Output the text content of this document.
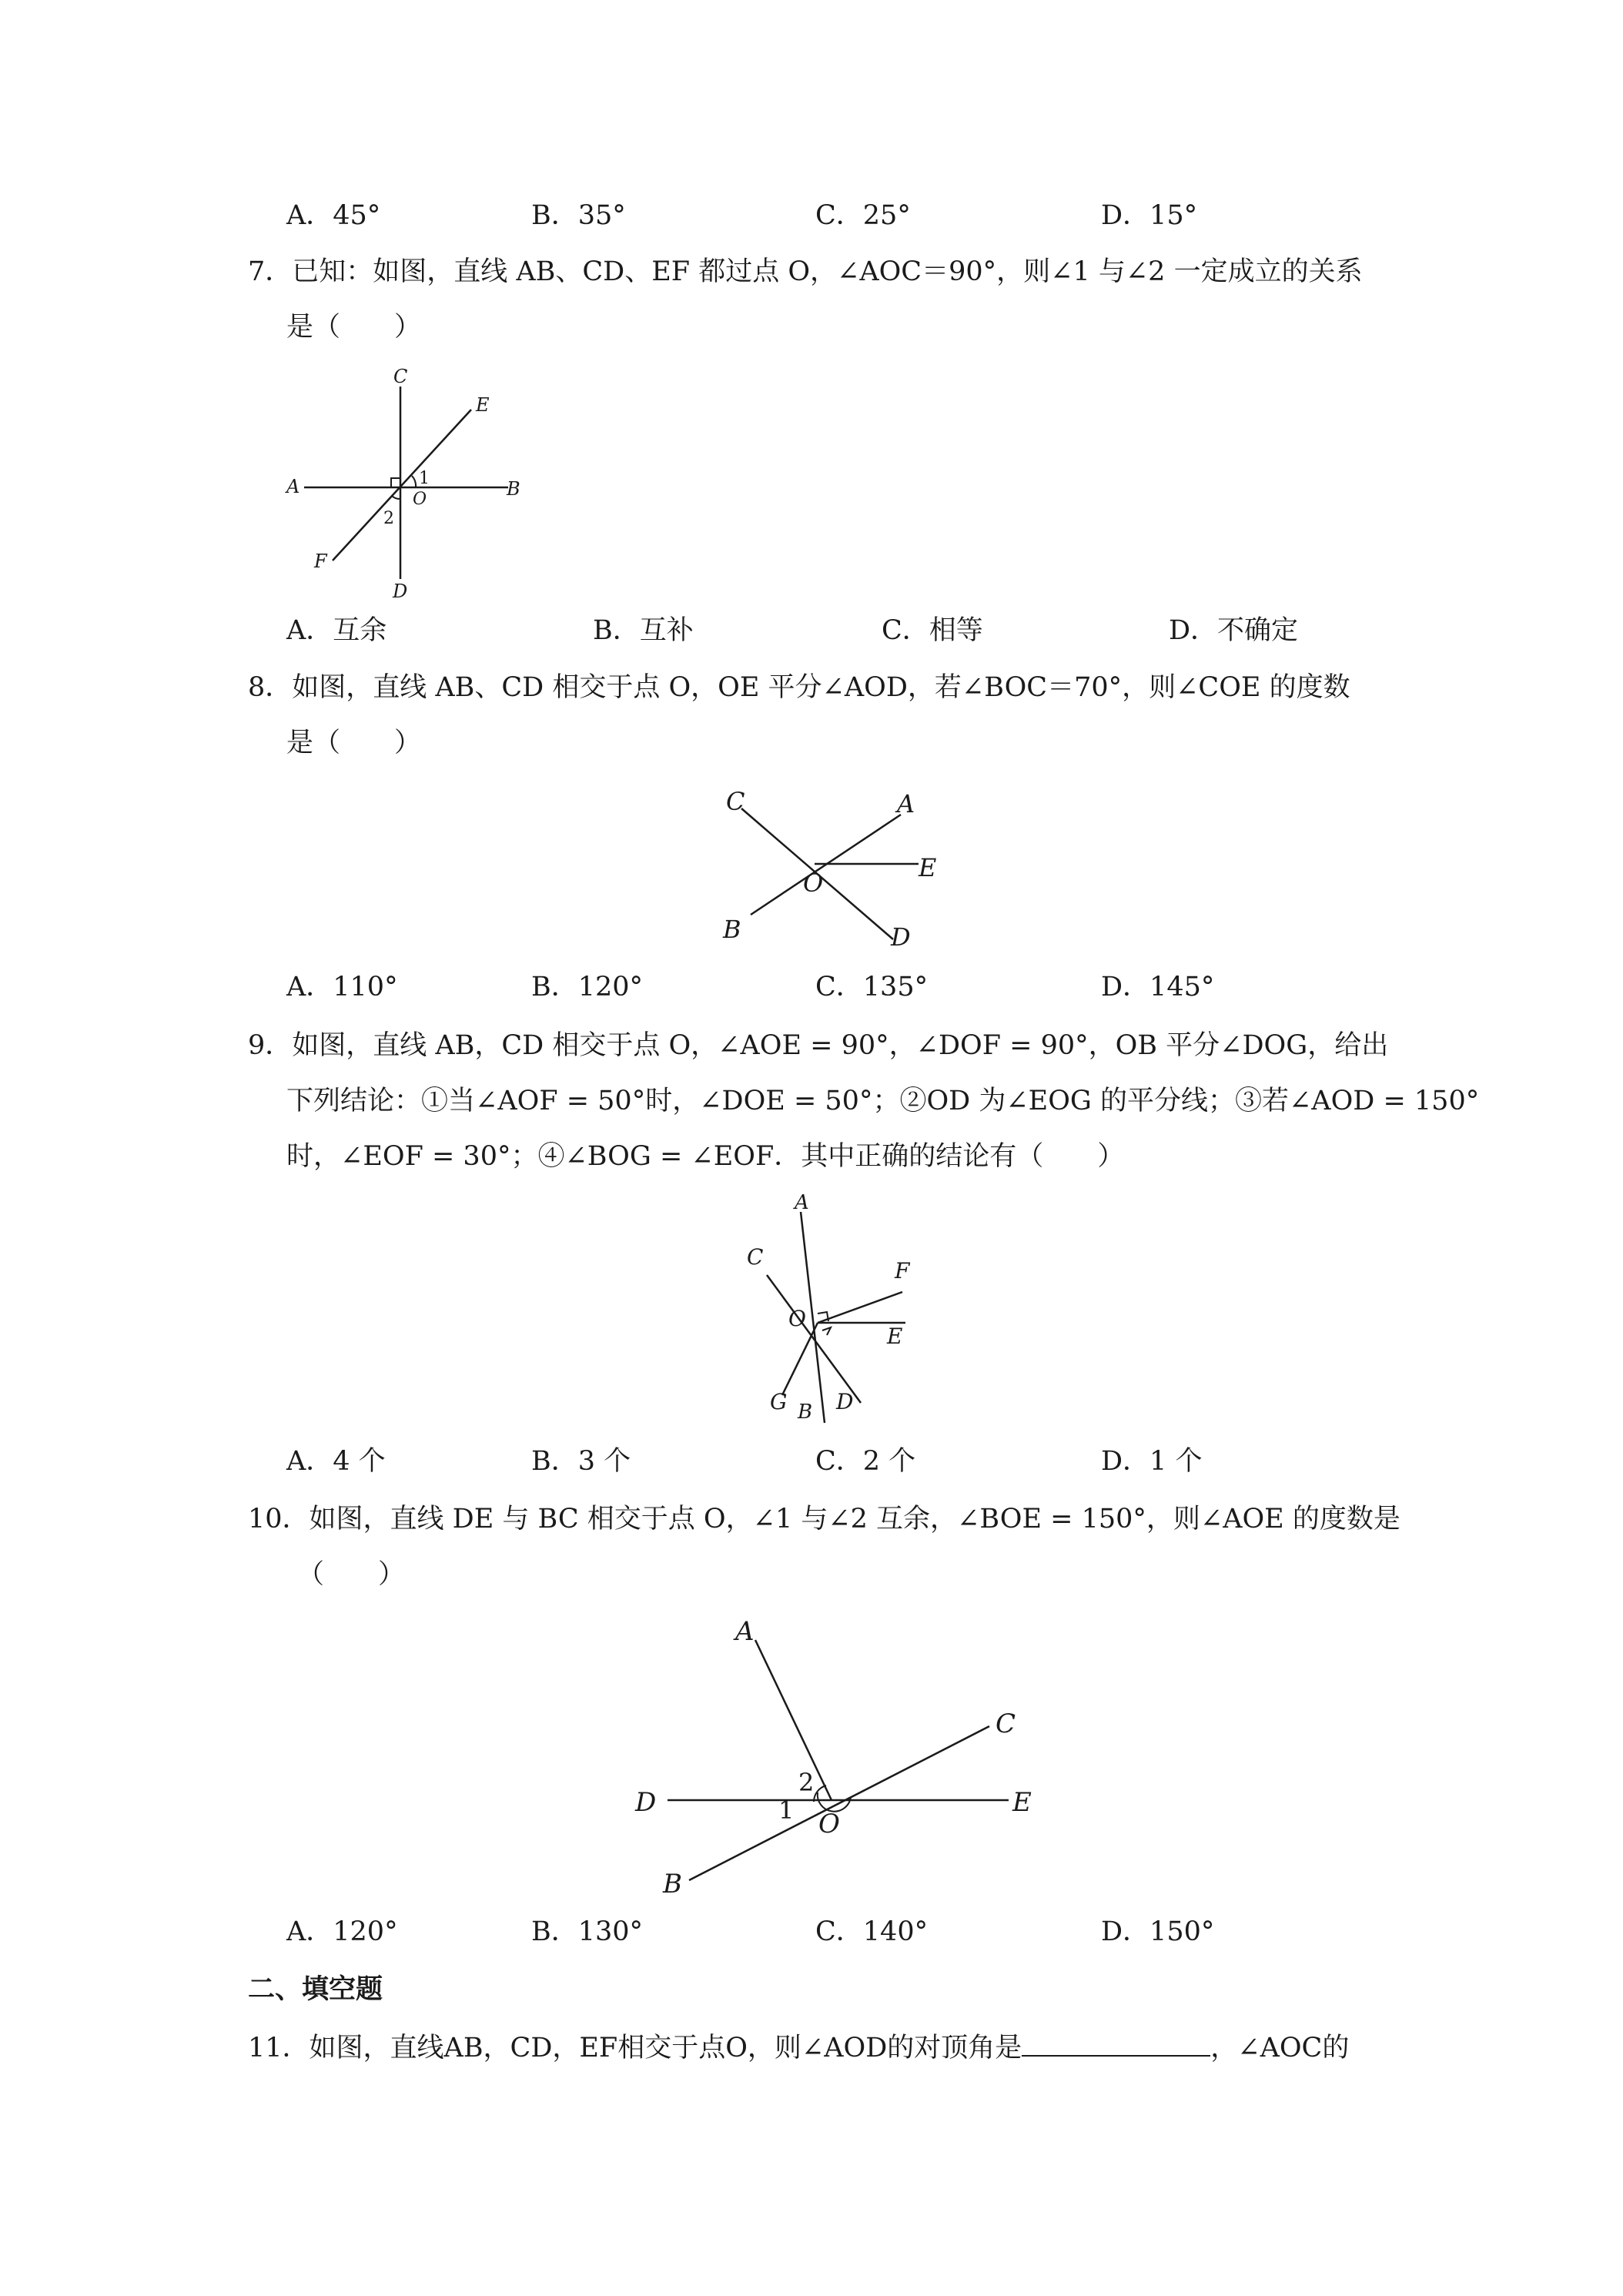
A．45°	B．35°	C．25°	D．15°
7．已知：如图，直线 AB、CD、EF 都过点 O，∠AOC＝90°，则∠1 与∠2 一定成立的关系
是（　　）
C
E
A	B
O
1
2
F
D
A．互余	B．互补	C．相等	D．不确定
8．如图，直线 AB、CD 相交于点 O，OE 平分∠AOD，若∠BOC＝70°，则∠COE 的度数
是（　　）
C	A
E
O
B	D
A．110°	B．120°	C．135°	D．145°
9．如图，直线 AB，CD 相交于点 O，∠AOE = 90°，∠DOF = 90°，OB 平分∠DOG，给出
下列结论：①当∠AOF = 50°时，∠DOE = 50°；②OD 为∠EOG 的平分线；③若∠AOD = 150°
时，∠EOF = 30°；④∠BOG = ∠EOF．其中正确的结论有（　　）
A
C
F
O
E
G B D
A．4 个	B．3 个	C．2 个	D．1 个
10．如图，直线 DE 与 BC 相交于点 O，∠1 与∠2 互余，∠BOE = 150°，则∠AOE 的度数是
（　　）
A
C
2
D	E
1 O
B
A．120°	B．130°	C．140°	D．150°
二、填空题
11．如图，直线AB，CD，EF相交于点O，则∠AOD的对顶角是	，∠AOC的
